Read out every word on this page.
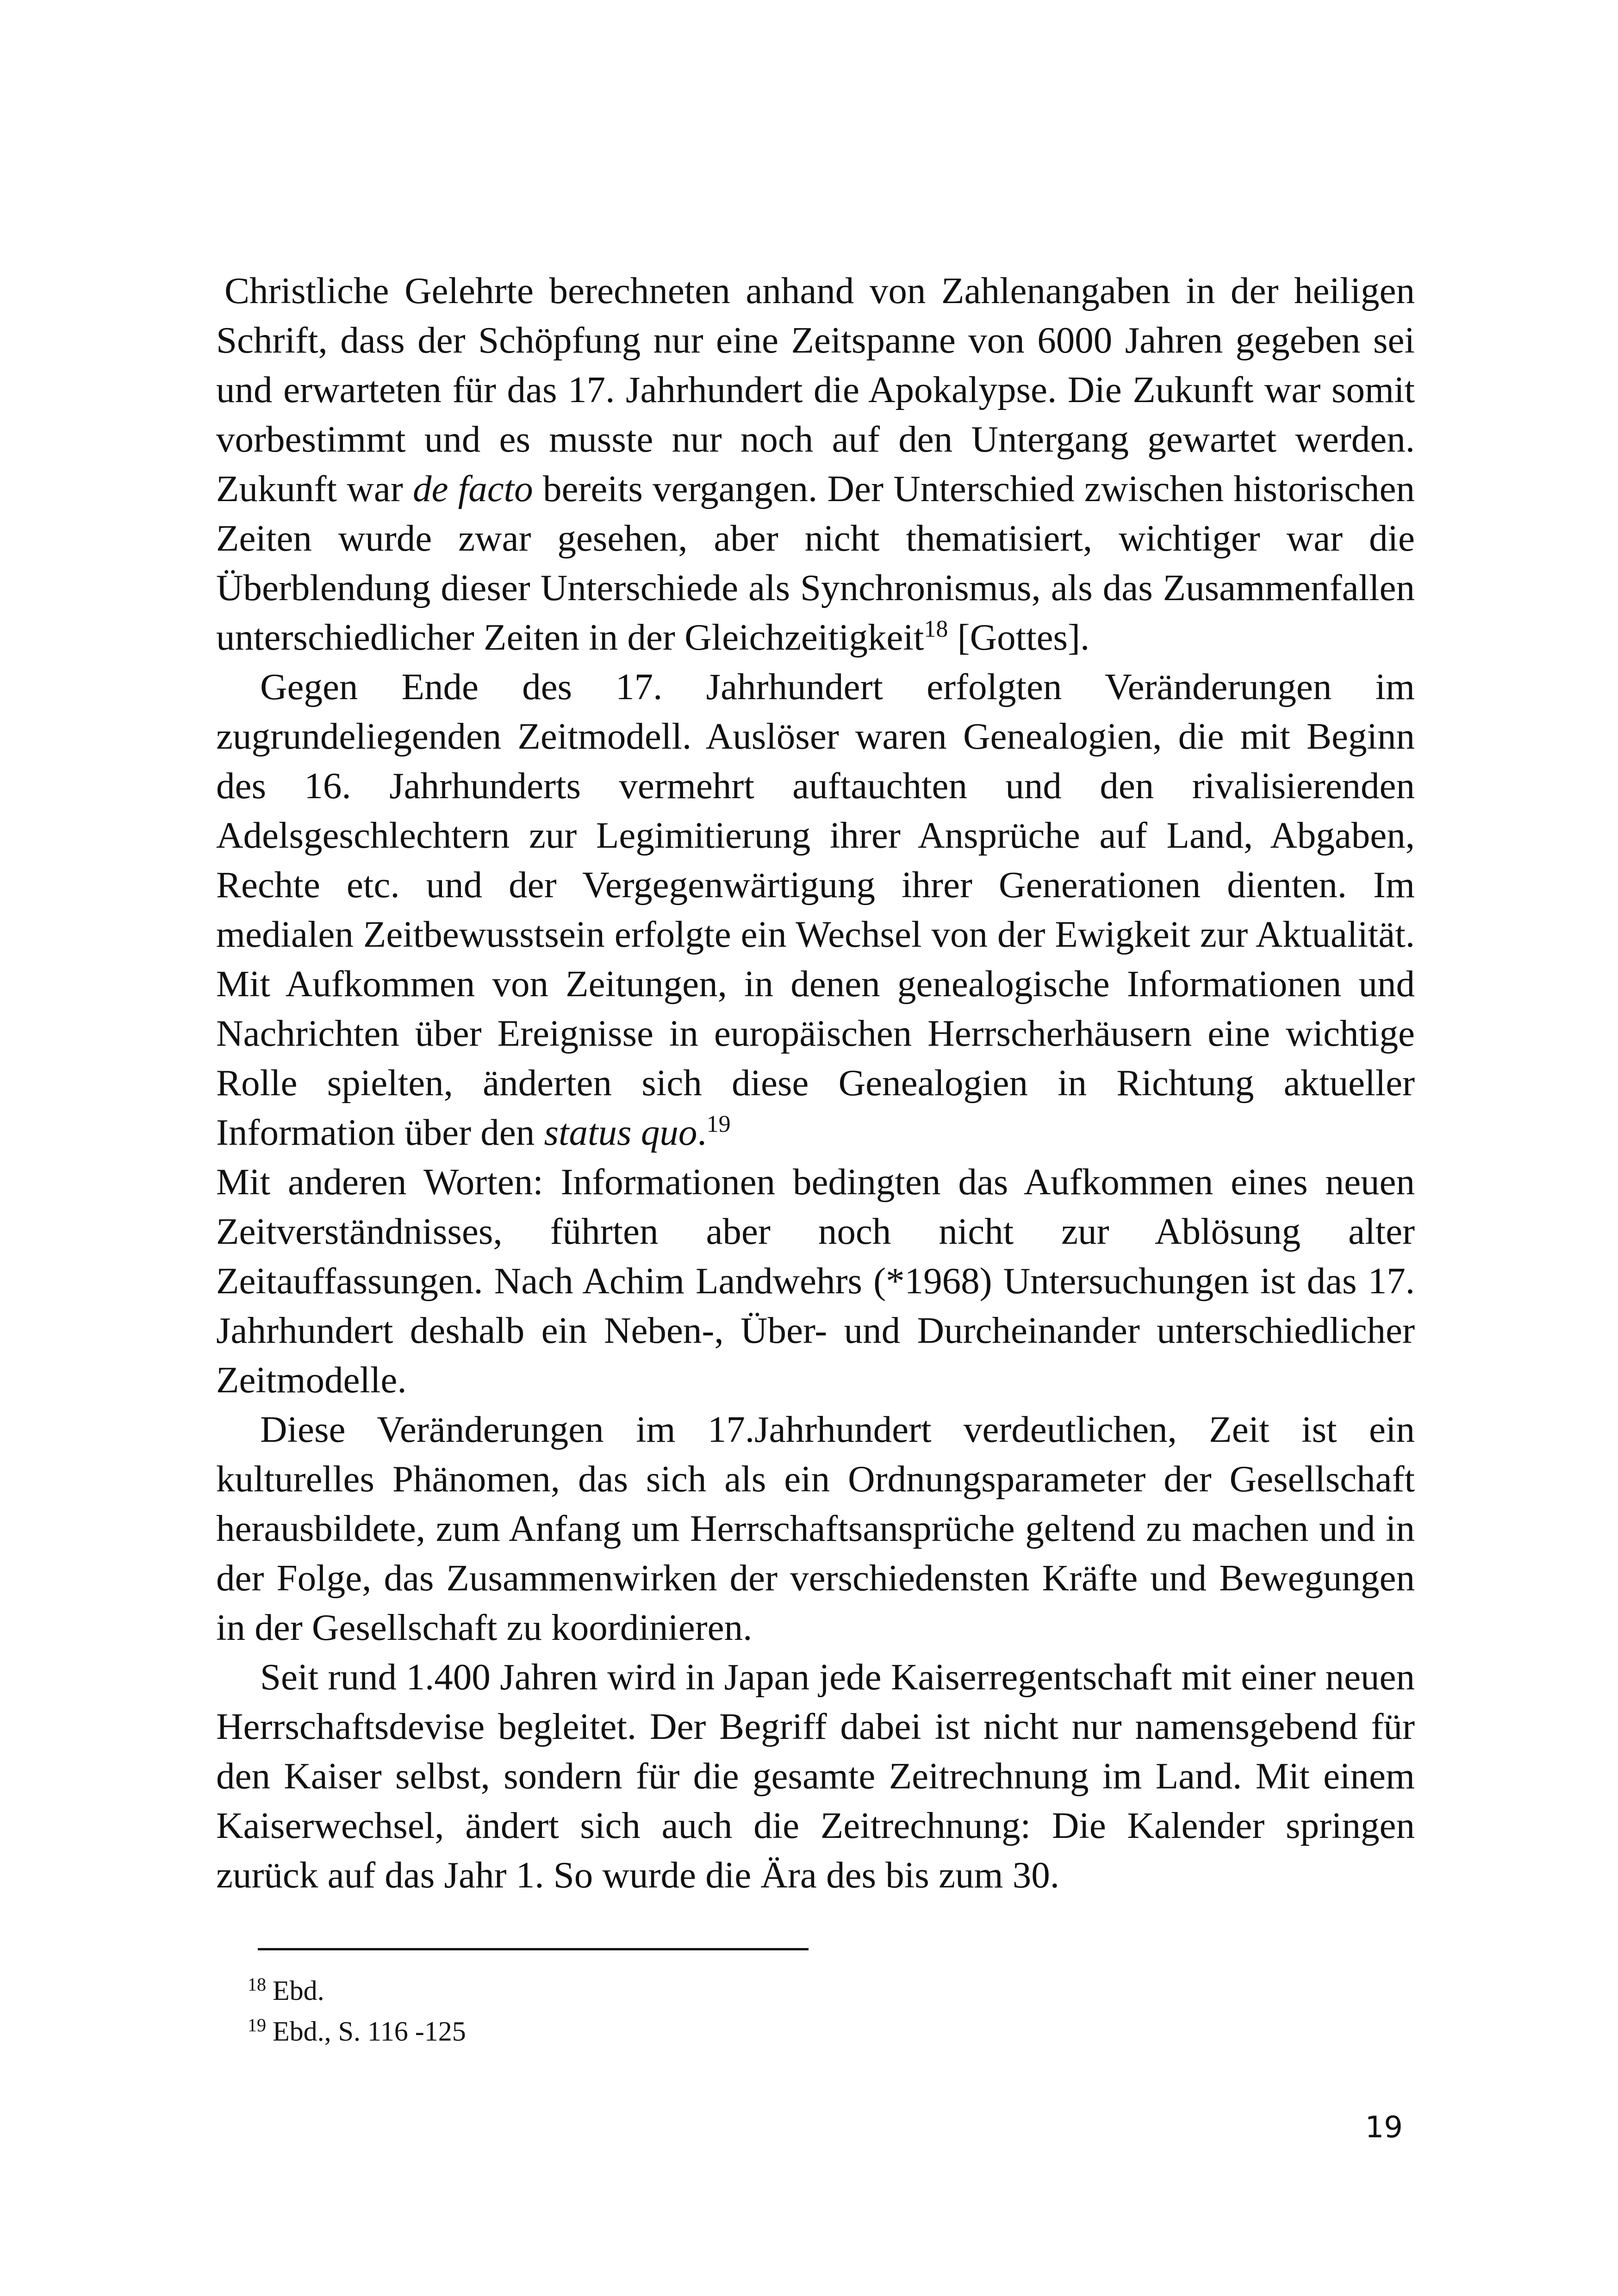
Christliche Gelehrte berechneten anhand von Zahlenangaben in der heiligen Schrift, dass der Schöpfung nur eine Zeitspanne von 6000 Jahren gegeben sei und erwarteten für das 17. Jahrhundert die Apokalypse. Die Zukunft war somit vorbestimmt und es musste nur noch auf den Untergang gewartet werden. Zukunft war de facto bereits vergangen. Der Unterschied zwischen historischen Zeiten wurde zwar gesehen, aber nicht thematisiert, wichtiger war die Überblendung dieser Unterschiede als Synchronismus, als das Zusammenfallen unterschiedlicher Zeiten in der Gleichzeitigkeit$^{18}$ [Gottes].

Gegen Ende des 17. Jahrhundert erfolgten Veränderungen im zugrundeliegenden Zeitmodell. Auslöser waren Genealogien, die mit Beginn des 16. Jahrhunderts vermehrt auftauchten und den rivalisierenden Adelsgeschlechtern zur Legimitierung ihrer Ansprüche auf Land, Abgaben, Rechte etc. und der Vergegenwärtigung ihrer Generationen dienten. Im medialen Zeitbewusstsein erfolgte ein Wechsel von der Ewigkeit zur Aktualität. Mit Aufkommen von Zeitungen, in denen genealogische Informationen und Nachrichten über Ereignisse in europäischen Herrscherhäusern eine wichtige Rolle spielten, änderten sich diese Genealogien in Richtung aktueller Information über den status quo.$^{19}$

Mit anderen Worten: Informationen bedingten das Aufkommen eines neuen Zeitverständnisses, führten aber noch nicht zur Ablösung alter Zeitauffassungen. Nach Achim Landwehrs (*1968) Untersuchungen ist das 17. Jahrhundert deshalb ein Neben-, Über- und Durcheinander unterschiedlicher Zeitmodelle.

Diese Veränderungen im 17.Jahrhundert verdeutlichen, Zeit ist ein kulturelles Phänomen, das sich als ein Ordnungsparameter der Gesellschaft herausbildete, zum Anfang um Herrschaftsansprüche geltend zu machen und in der Folge, das Zusammenwirken der verschiedensten Kräfte und Bewegungen in der Gesellschaft zu koordinieren.

Seit rund 1.400 Jahren wird in Japan jede Kaiserregentschaft mit einer neuen Herrschaftsdevise begleitet. Der Begriff dabei ist nicht nur namensgebend für den Kaiser selbst, sondern für die gesamte Zeitrechnung im Land. Mit einem Kaiserwechsel, ändert sich auch die Zeitrechnung: Die Kalender springen zurück auf das Jahr 1. So wurde die Ära des bis zum 30.

$^{18}$ Ebd.

$^{19}$ Ebd., S. 116 -125

19
